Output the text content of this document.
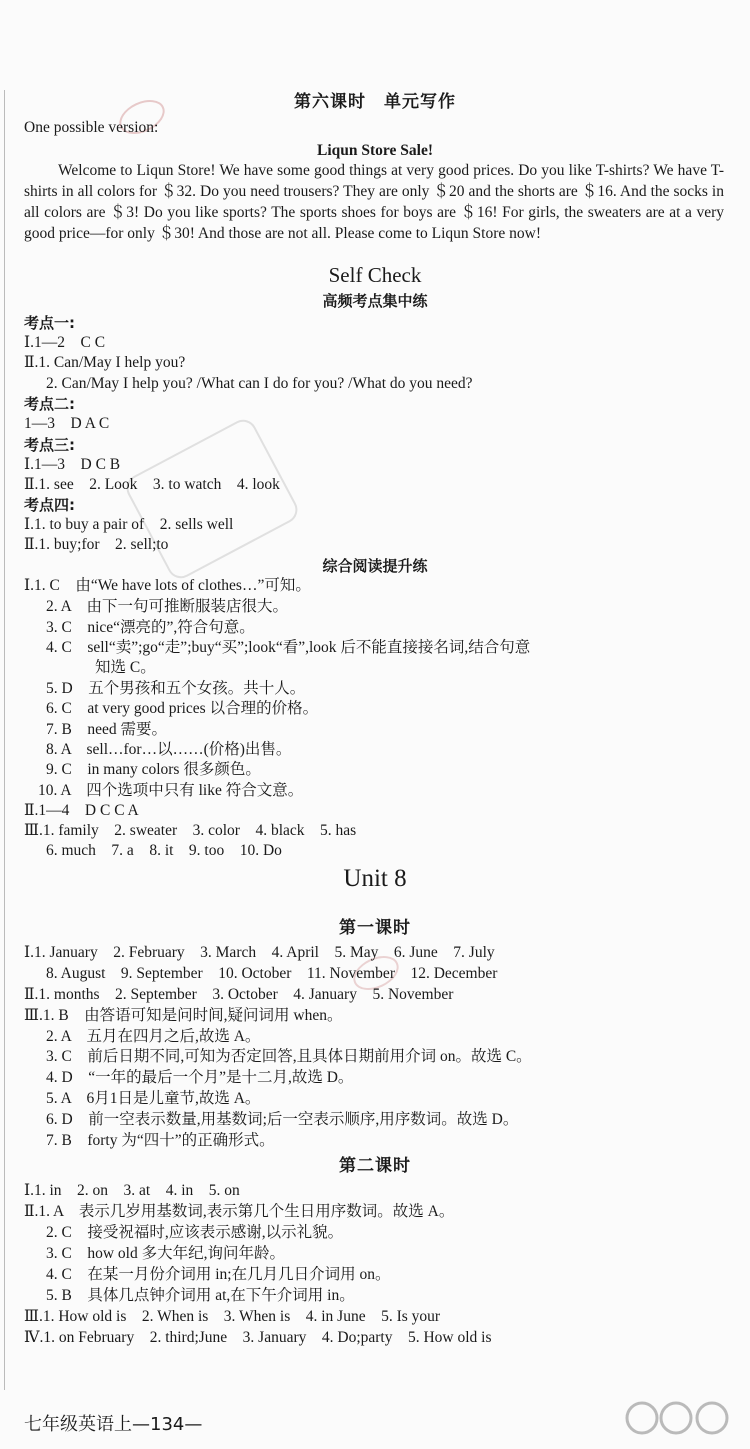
第六课时　单元写作
One possible version:
Liqun Store Sale!
Welcome to Liqun Store! We have some good things at very good prices. Do you like T-shirts? We have T-shirts in all colors for ＄32. Do you need trousers? They are only ＄20 and the shorts are ＄16. And the socks in all colors are ＄3! Do you like sports? The sports shoes for boys are ＄16! For girls, the sweaters are at a very good price—for only ＄30! And those are not all. Please come to Liqun Store now!
Self Check
高频考点集中练
考点一:
Ⅰ.1—2　C C
Ⅱ.1. Can/May I help you?
2. Can/May I help you? /What can I do for you? /What do you need?
考点二:
1—3　D A C
考点三:
Ⅰ.1—3　D C B
Ⅱ.1. see　2. Look　3. to watch　4. look
考点四:
Ⅰ.1. to buy a pair of　2. sells well
Ⅱ.1. buy;for　2. sell;to
综合阅读提升练
Ⅰ.1. C　由“We have lots of clothes…”可知。
2. A　由下一句可推断服装店很大。
3. C　nice“漂亮的”,符合句意。
4. C　sell“卖”;go“走”;buy“买”;look“看”,look 后不能直接接名词,结合句意
知选 C。
5. D　五个男孩和五个女孩。共十人。
6. C　at very good prices 以合理的价格。
7. B　need 需要。
8. A　sell…for…以……(价格)出售。
9. C　in many colors 很多颜色。
10. A　四个选项中只有 like 符合文意。
Ⅱ.1—4　D C C A
Ⅲ.1. family　2. sweater　3. color　4. black　5. has
6. much　7. a　8. it　9. too　10. Do
Unit 8
第一课时
Ⅰ.1. January　2. February　3. March　4. April　5. May　6. June　7. July
8. August　9. September　10. October　11. November　12. December
Ⅱ.1. months　2. September　3. October　4. January　5. November
Ⅲ.1. B　由答语可知是问时间,疑问词用 when。
2. A　五月在四月之后,故选 A。
3. C　前后日期不同,可知为否定回答,且具体日期前用介词 on。故选 C。
4. D　“一年的最后一个月”是十二月,故选 D。
5. A　6月1日是儿童节,故选 A。
6. D　前一空表示数量,用基数词;后一空表示顺序,用序数词。故选 D。
7. B　forty 为“四十”的正确形式。
第二课时
Ⅰ.1. in　2. on　3. at　4. in　5. on
Ⅱ.1. A　表示几岁用基数词,表示第几个生日用序数词。故选 A。
2. C　接受祝福时,应该表示感谢,以示礼貌。
3. C　how old 多大年纪,询问年龄。
4. C　在某一月份介词用 in;在几月几日介词用 on。
5. B　具体几点钟介词用 at,在下午介词用 in。
Ⅲ.1. How old is　2. When is　3. When is　4. in June　5. Is your
Ⅳ.1. on February　2. third;June　3. January　4. Do;party　5. How old is
七年级英语上—134—
